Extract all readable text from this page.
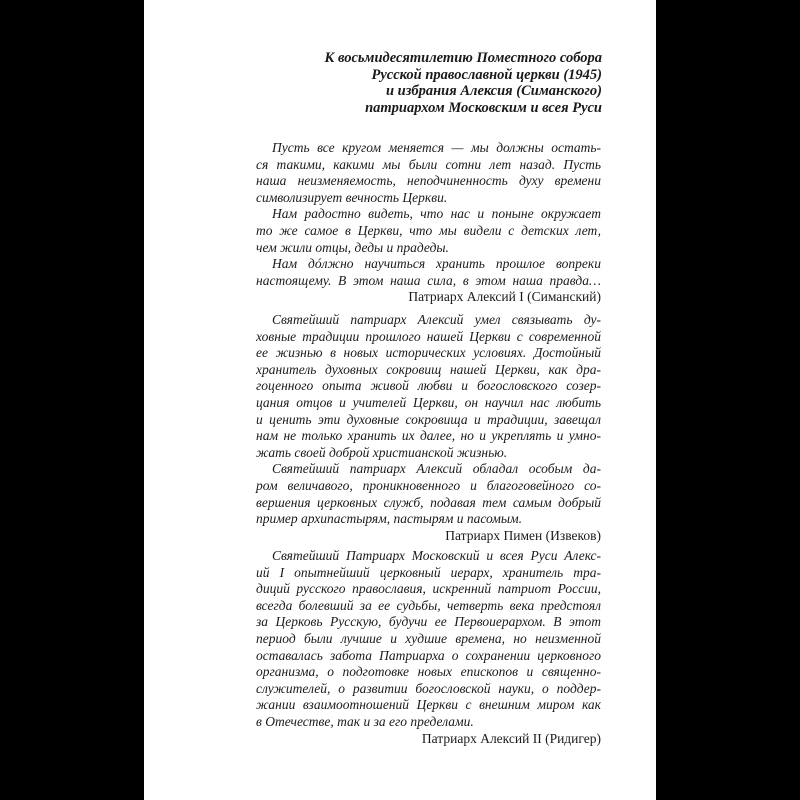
К восьмидесятилетию Поместного собора
Русской православной церкви (1945)
и избрания Алексия (Симанского)
патриархом Московским и всея Руси
Пусть все кругом меняется — мы должны остать-
ся такими, какими мы были сотни лет назад. Пусть
наша неизменяемость, неподчиненность духу времени
символизирует вечность Церкви.
Нам радостно видеть, что нас и поныне окружает
то же самое в Церкви, что мы видели с детских лет,
чем жили отцы, деды и прадеды.
Нам дóлжно научиться хранить прошлое вопреки
настоящему. В этом наша сила, в этом наша правда…
Патриарх Алексий I (Симанский)
Святейший патриарх Алексий умел связывать ду-
ховные традиции прошлого нашей Церкви с современной
ее жизнью в новых исторических условиях. Достойный
хранитель духовных сокровищ нашей Церкви, как дра-
гоценного опыта живой любви и богословского созер-
цания отцов и учителей Церкви, он научил нас любить
и ценить эти духовные сокровища и традиции, завещал
нам не только хранить их далее, но и укреплять и умно-
жать своей доброй христианской жизнью.
Святейший патриарх Алексий обладал особым да-
ром величавого, проникновенного и благоговейного со-
вершения церковных служб, подавая тем самым добрый
пример архипастырям, пастырям и пасомым.
Патриарх Пимен (Извеков)
Святейший Патриарх Московский и всея Руси Алекс-
ий I опытнейший церковный иерарх, хранитель тра-
диций русского православия, искренний патриот России,
всегда болевший за ее судьбы, четверть века предстоял
за Церковь Русскую, будучи ее Первоиерархом. В этот
период были лучшие и худшие времена, но неизменной
оставалась забота Патриарха о сохранении церковного
организма, о подготовке новых епископов и священно-
служителей, о развитии богословской науки, о поддер-
жании взаимоотношений Церкви с внешним миром как
в Отечестве, так и за его пределами.
Патриарх Алексий II (Ридигер)
